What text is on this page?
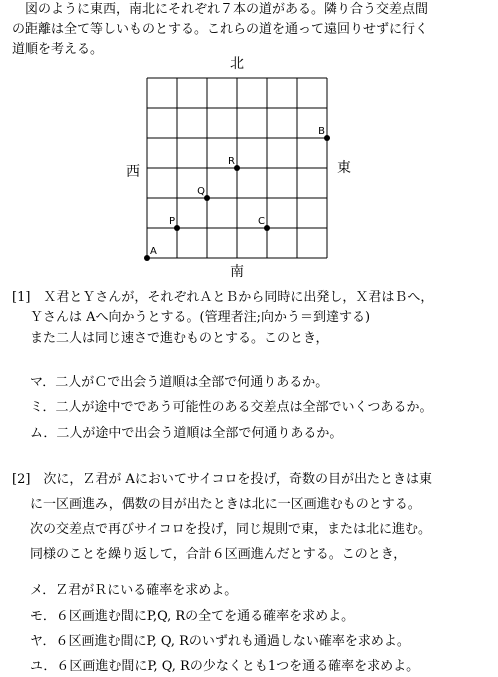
　図のように東西，南北にそれぞれ７本の道がある。隣り合う交差点間
の距離は全て等しいものとする。これらの道を通って遠回りせずに行く
道順を考える。
A
P
Q
R
C
B
北
南
西	東
[1]　Ｘ君とＹさんが，それぞれＡとＢから同時に出発し，Ｘ君はＢへ，
Ｙさんは Aへ向かうとする。(管理者注;向かう＝到達する)
また二人は同じ速さで進むものとする。このとき，
マ．二人がＣで出会う道順は全部で何通りあるか。
ミ．二人が途中でであう可能性のある交差点は全部でいくつあるか。
ム．二人が途中で出会う道順は全部で何通りあるか。
[2]　次に，Ｚ君が Aにおいてサイコロを投げ，奇数の目が出たときは東
に一区画進み，偶数の目が出たときは北に一区画進むものとする。
次の交差点で再びサイコロを投げ，同じ規則で東，または北に進む。
同様のことを繰り返して，合計６区画進んだとする。このとき，
メ．Ｚ君がＲにいる確率を求めよ。
モ．６区画進む間にP,Q, Rの全てを通る確率を求めよ。
ヤ．６区画進む間にP, Q, Rのいずれも通過しない確率を求めよ。
ユ．６区画進む間にP, Q, Rの少なくとも1つを通る確率を求めよ。
